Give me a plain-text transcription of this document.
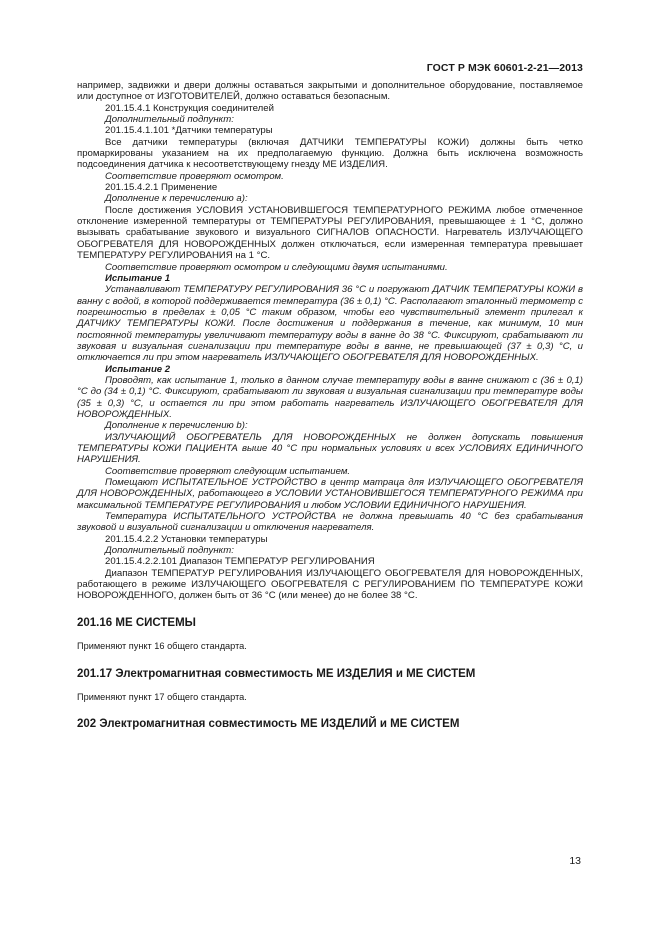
ГОСТ Р МЭК 60601-2-21—2013

например, задвижки и двери должны оставаться закрытыми и дополнительное оборудование, поставляемое или доступное от ИЗГОТОВИТЕЛЕЙ, должно оставаться безопасным.

201.15.4.1 Конструкция соединителей

Дополнительный подпункт:

201.15.4.1.101 *Датчики температуры

Все датчики температуры (включая ДАТЧИКИ ТЕМПЕРАТУРЫ КОЖИ) должны быть четко промаркированы указанием на их предполагаемую функцию. Должна быть исключена возможность подсоединения датчика к несоответствующему гнезду МЕ ИЗДЕЛИЯ.

Соответствие проверяют осмотром.

201.15.4.2.1 Применение

Дополнение к перечислению a):

После достижения УСЛОВИЯ УСТАНОВИВШЕГОСЯ ТЕМПЕРАТУРНОГО РЕЖИМА любое отмеченное отклонение измеренной температуры от ТЕМПЕРАТУРЫ РЕГУЛИРОВАНИЯ, превышающее ± 1 °С, должно вызывать срабатывание звукового и визуального СИГНАЛОВ ОПАСНОСТИ. Нагреватель ИЗЛУЧАЮЩЕГО ОБОГРЕВАТЕЛЯ ДЛЯ НОВОРОЖДЕННЫХ должен отключаться, если измеренная температура превышает ТЕМПЕРАТУРУ РЕГУЛИРОВАНИЯ на 1 °С.

Соответствие проверяют осмотром и следующими двумя испытаниями.

Испытание 1

Устанавливают ТЕМПЕРАТУРУ РЕГУЛИРОВАНИЯ 36 °С и погружают ДАТЧИК ТЕМПЕРАТУРЫ КОЖИ в ванну с водой, в которой поддерживается температура (36 ± 0,1) °С. Располагают эталонный термометр с погрешностью в пределах ± 0,05 °С таким образом, чтобы его чувствительный элемент прилегал к ДАТЧИКУ ТЕМПЕРАТУРЫ КОЖИ. После достижения и поддержания в течение, как минимум, 10 мин постоянной температуры увеличивают температуру воды в ванне до 38 °С. Фиксируют, срабатывают ли звуковая и визуальная сигнализации при температуре воды в ванне, не превышающей (37 ± 0,3) °С, и отключается ли при этом нагреватель ИЗЛУЧАЮЩЕГО ОБОГРЕВАТЕЛЯ ДЛЯ НОВОРОЖДЕННЫХ.

Испытание 2

Проводят, как испытание 1, только в данном случае температуру воды в ванне снижают с (36 ± 0,1) °С до (34 ± 0,1) °С. Фиксируют, срабатывают ли звуковая и визуальная сигнализации при температуре воды (35 ± 0,3) °С, и остается ли при этом работать нагреватель ИЗЛУЧАЮЩЕГО ОБОГРЕВАТЕЛЯ ДЛЯ НОВОРОЖДЕННЫХ.

Дополнение к перечислению b):

ИЗЛУЧАЮЩИЙ ОБОГРЕВАТЕЛЬ ДЛЯ НОВОРОЖДЕННЫХ не должен допускать повышения ТЕМПЕРАТУРЫ КОЖИ ПАЦИЕНТА выше 40 °С при нормальных условиях и всех УСЛОВИЯХ ЕДИНИЧНОГО НАРУШЕНИЯ.

Соответствие проверяют следующим испытанием.

Помещают ИСПЫТАТЕЛЬНОЕ УСТРОЙСТВО в центр матраца для ИЗЛУЧАЮЩЕГО ОБОГРЕВАТЕЛЯ ДЛЯ НОВОРОЖДЕННЫХ, работающего в УСЛОВИИ УСТАНОВИВШЕГОСЯ ТЕМПЕРАТУРНОГО РЕЖИМА при максимальной ТЕМПЕРАТУРЕ РЕГУЛИРОВАНИЯ и любом УСЛОВИИ ЕДИНИЧНОГО НАРУШЕНИЯ.

Температура ИСПЫТАТЕЛЬНОГО УСТРОЙСТВА не должна превышать 40 °С без срабатывания звуковой и визуальной сигнализации и отключения нагревателя.

201.15.4.2.2 Установки температуры

Дополнительный подпункт:

201.15.4.2.2.101 Диапазон ТЕМПЕРАТУР РЕГУЛИРОВАНИЯ

Диапазон ТЕМПЕРАТУР РЕГУЛИРОВАНИЯ ИЗЛУЧАЮЩЕГО ОБОГРЕВАТЕЛЯ ДЛЯ НОВОРОЖДЕННЫХ, работающего в режиме ИЗЛУЧАЮЩЕГО ОБОГРЕВАТЕЛЯ С РЕГУЛИРОВАНИЕМ ПО ТЕМПЕРАТУРЕ КОЖИ НОВОРОЖДЕННОГО, должен быть от 36 °С (или менее) до не более 38 °С.

201.16 МЕ СИСТЕМЫ

Применяют пункт 16 общего стандарта.

201.17 Электромагнитная совместимость МЕ ИЗДЕЛИЯ и МЕ СИСТЕМ

Применяют пункт 17 общего стандарта.

202 Электромагнитная совместимость МЕ ИЗДЕЛИЙ и МЕ СИСТЕМ

13
